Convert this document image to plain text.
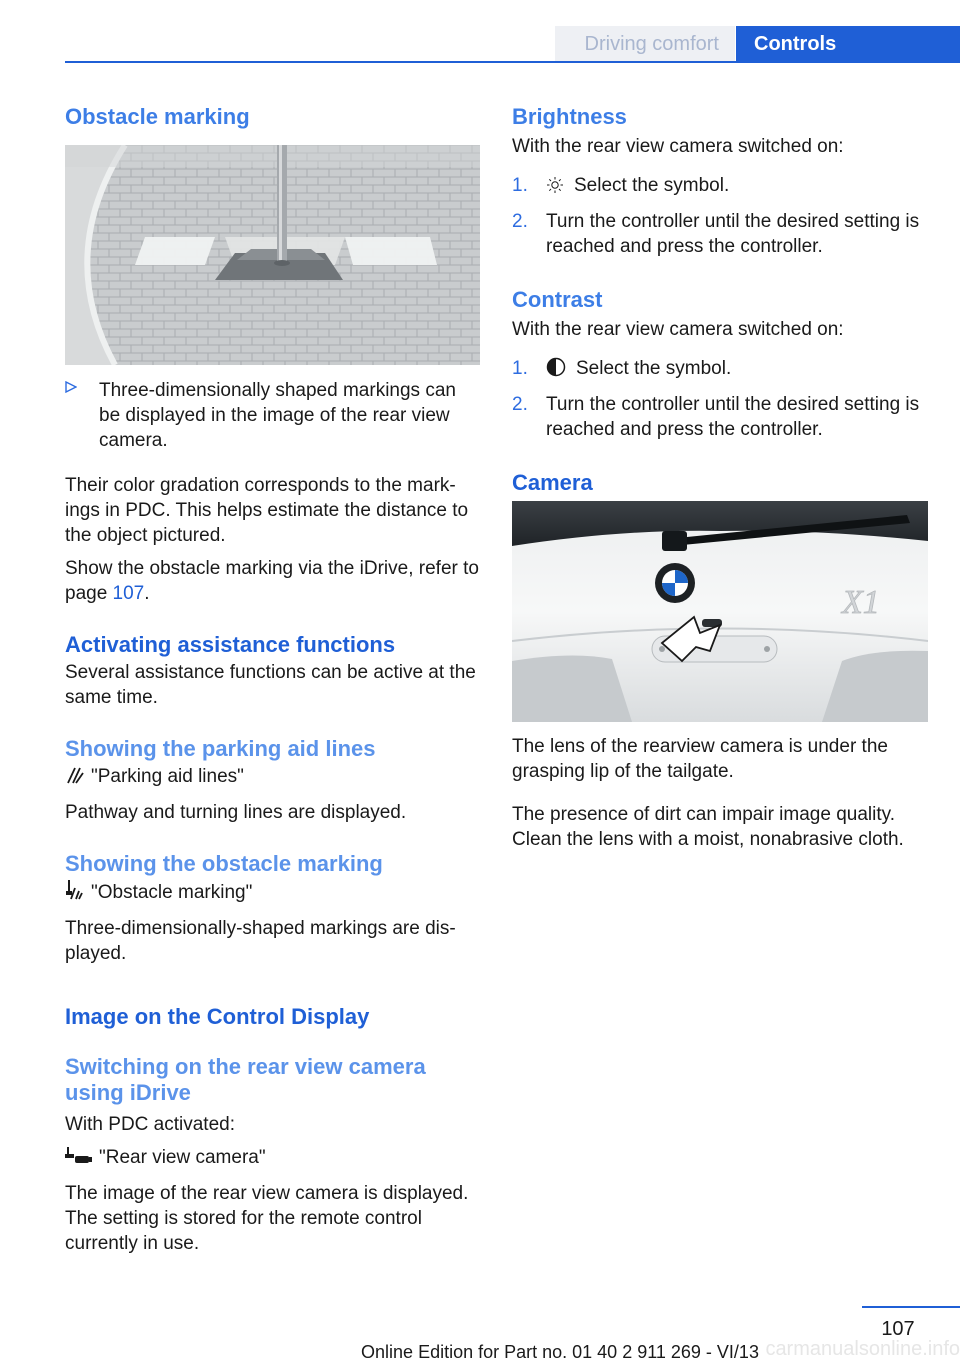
Driving comfort	Controls
Obstacle marking

Three-dimensionally shaped markings can be displayed in the image of the rear view camera.

Their color gradation corresponds to the markings in PDC. This helps estimate the distance to the object pictured.

Show the obstacle marking via the iDrive, refer to page 107.

Activating assistance functions

Several assistance functions can be active at the same time.

Showing the parking aid lines

"Parking aid lines"

Pathway and turning lines are displayed.

Showing the obstacle marking

"Obstacle marking"

Three-dimensionally-shaped markings are displayed.

Image on the Control Display
Switching on the rear view camera using iDrive

With PDC activated:

"Rear view camera"

The image of the rear view camera is displayed. The setting is stored for the remote control currently in use.

Brightness

With the rear view camera switched on:

1.	Select the symbol.

2. Turn the controller until the desired setting is reached and press the controller.

Contrast

With the rear view camera switched on:

1.	Select the symbol.

2. Turn the controller until the desired setting is reached and press the controller.

Camera
X1

The lens of the rearview camera is under the grasping lip of the tailgate.

The presence of dirt can impair image quality. Clean the lens with a moist, nonabrasive cloth.

107
carmanualsonline.info
Online Edition for Part no. 01 40 2 911 269 - VI/13
